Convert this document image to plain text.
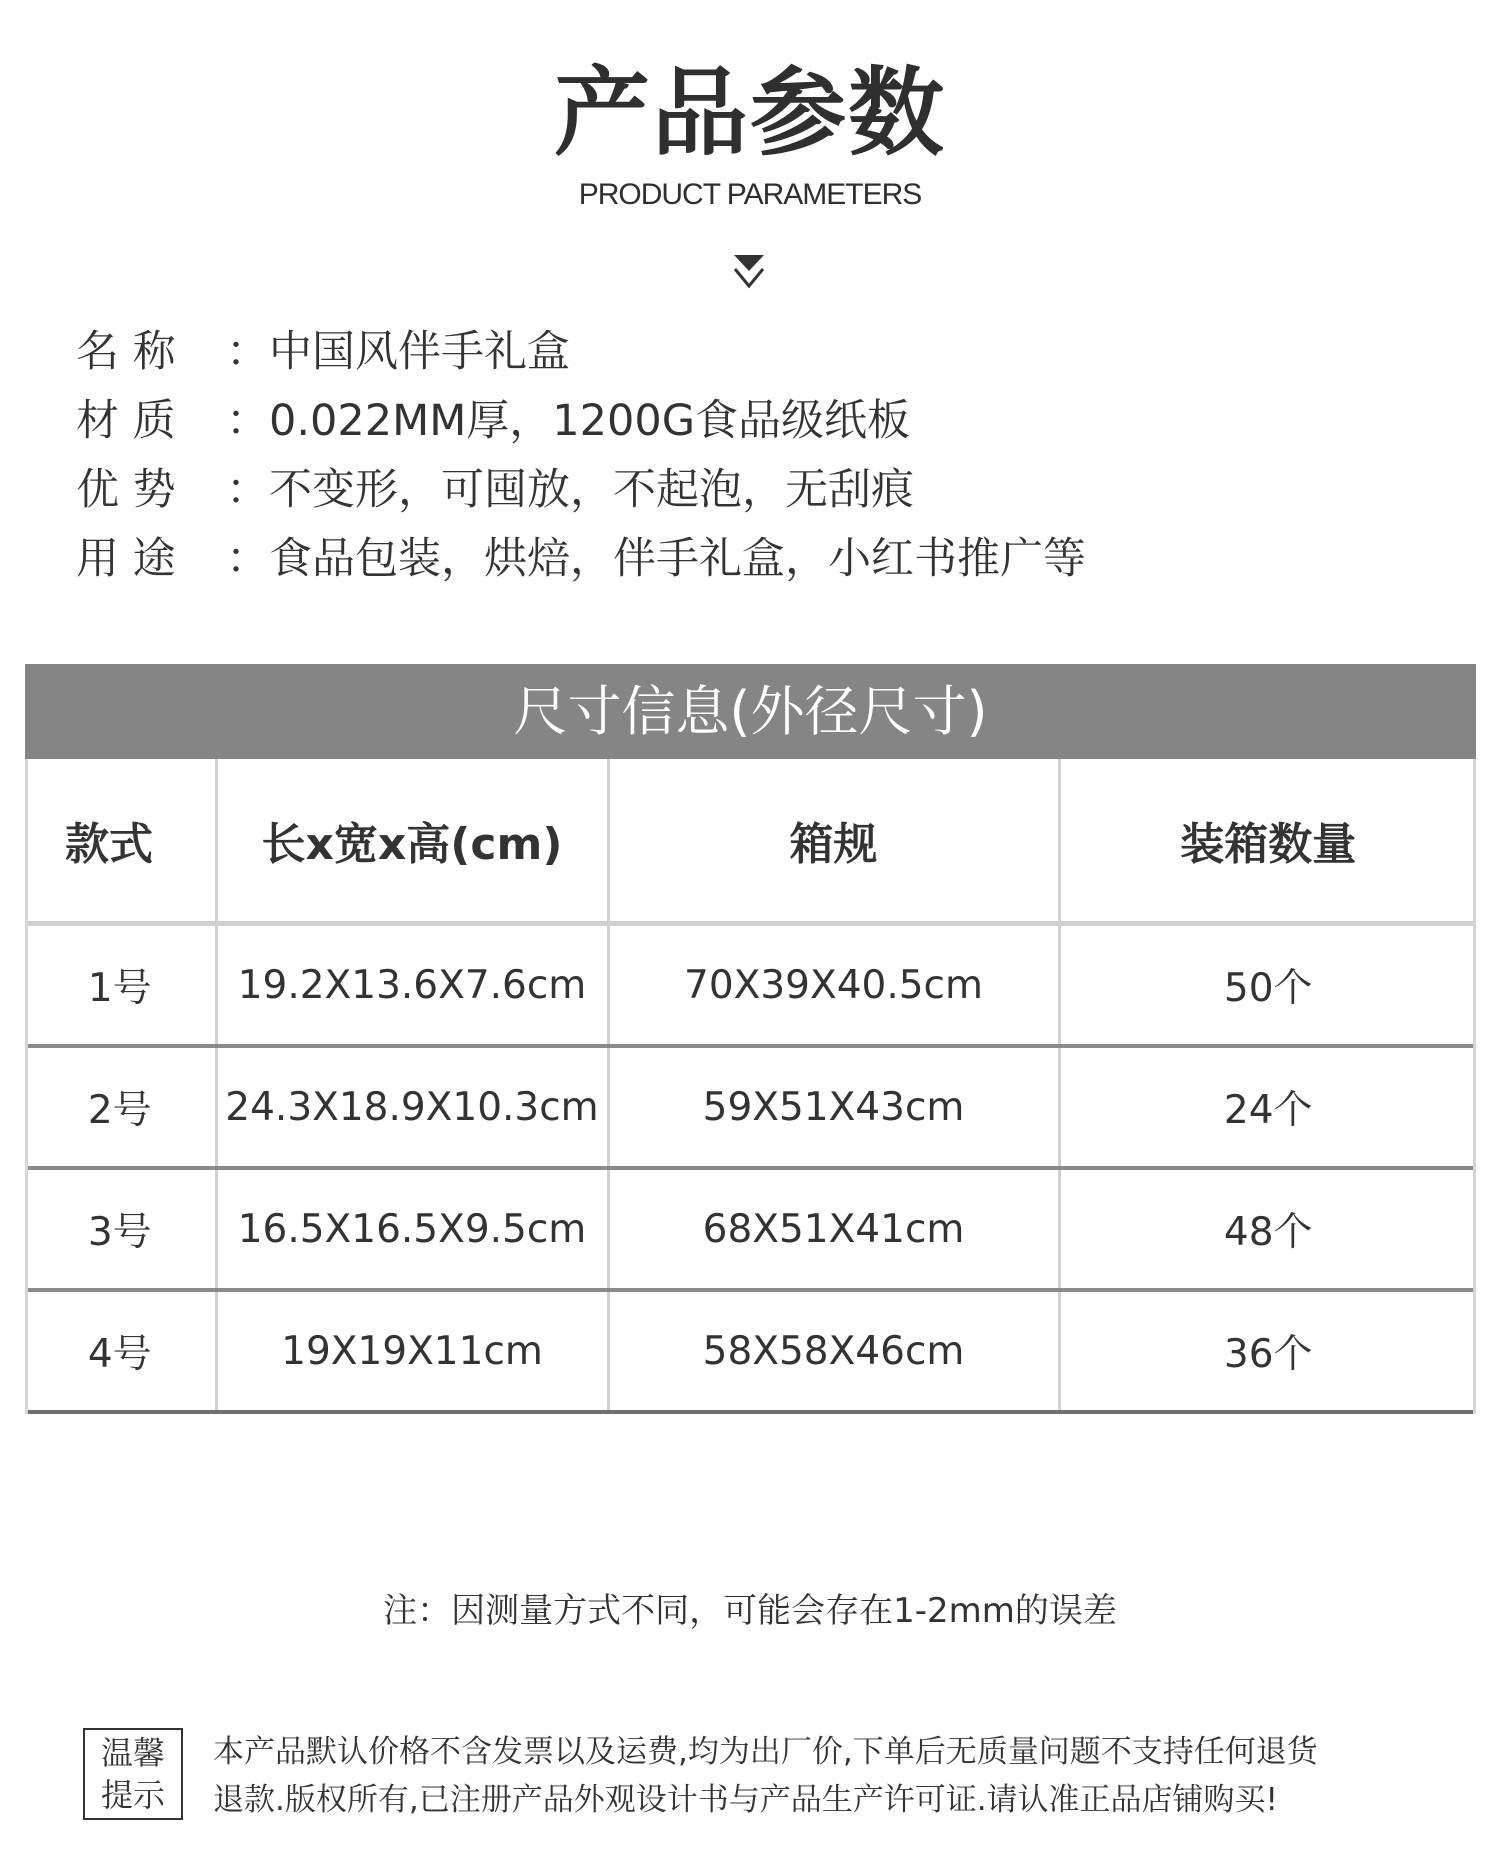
产品参数
PRODUCT PARAMETERS
名 称 ：中国风伴手礼盒
材 质 ：0.022MM厚，1200G食品级纸板
优 势 ：不变形，可囤放，不起泡，无刮痕
用 途 ：食品包装，烘焙，伴手礼盒，小红书推广等
尺寸信息(外径尺寸)
款式	长x宽x高(cm)	箱规	装箱数量
1号	19.2X13.6X7.6cm	70X39X40.5cm	50个
2号	24.3X18.9X10.3cm	59X51X43cm	24个
3号	16.5X16.5X9.5cm	68X51X41cm	48个
4号	19X19X11cm	58X58X46cm	36个
注：因测量方式不同，可能会存在1-2mm的误差
温馨
提示
本产品默认价格不含发票以及运费,均为出厂价,下单后无质量问题不支持任何退货
退款.版权所有,已注册产品外观设计书与产品生产许可证.请认准正品店铺购买!
